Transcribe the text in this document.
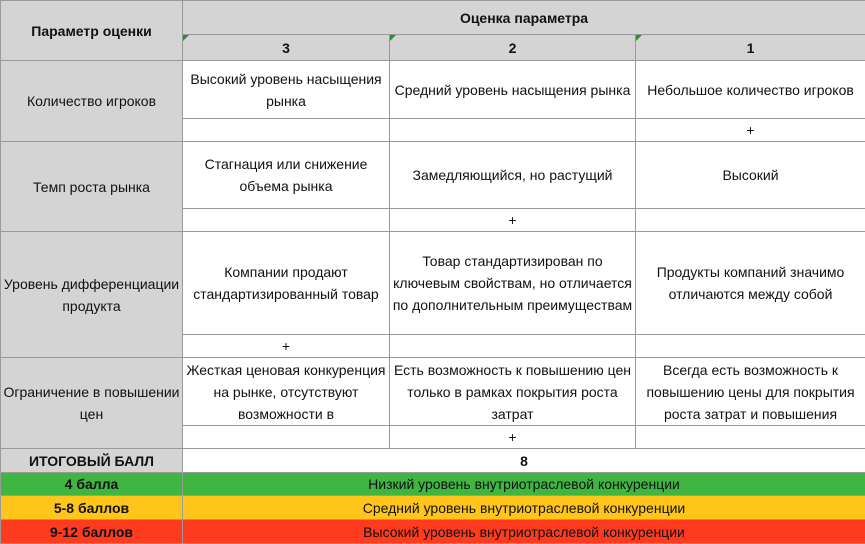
Параметр оценки	Оценка параметра		
	3	2	1
Количество игроков	Высокий уровень насыщения рынка	Средний уровень насыщения рынка	Небольшое количество игроков
			+
Темп роста рынка	Стагнация или снижение объема рынка	Замедляющийся, но растущий	Высокий
		+	
Уровень дифференциации продукта	Компании продают стандартизированный товар	Товар стандартизирован по ключевым свойствам, но отличается по дополнительным преимуществам	Продукты компаний значимо отличаются между собой
	+		
Ограничение в повышении цен	Жесткая ценовая конкуренция на рынке, отсутствуют возможности в	Есть возможность к повышению цен только в рамках покрытия роста затрат	Всегда есть возможность к повышению цены для покрытия роста затрат и повышения
		+	
ИТОГОВЫЙ БАЛЛ	8		
4 балла	Низкий уровень внутриотраслевой конкуренции		
5-8 баллов	Средний уровень внутриотраслевой конкуренции		
9-12 баллов	Высокий уровень внутриотраслевой конкуренции		
